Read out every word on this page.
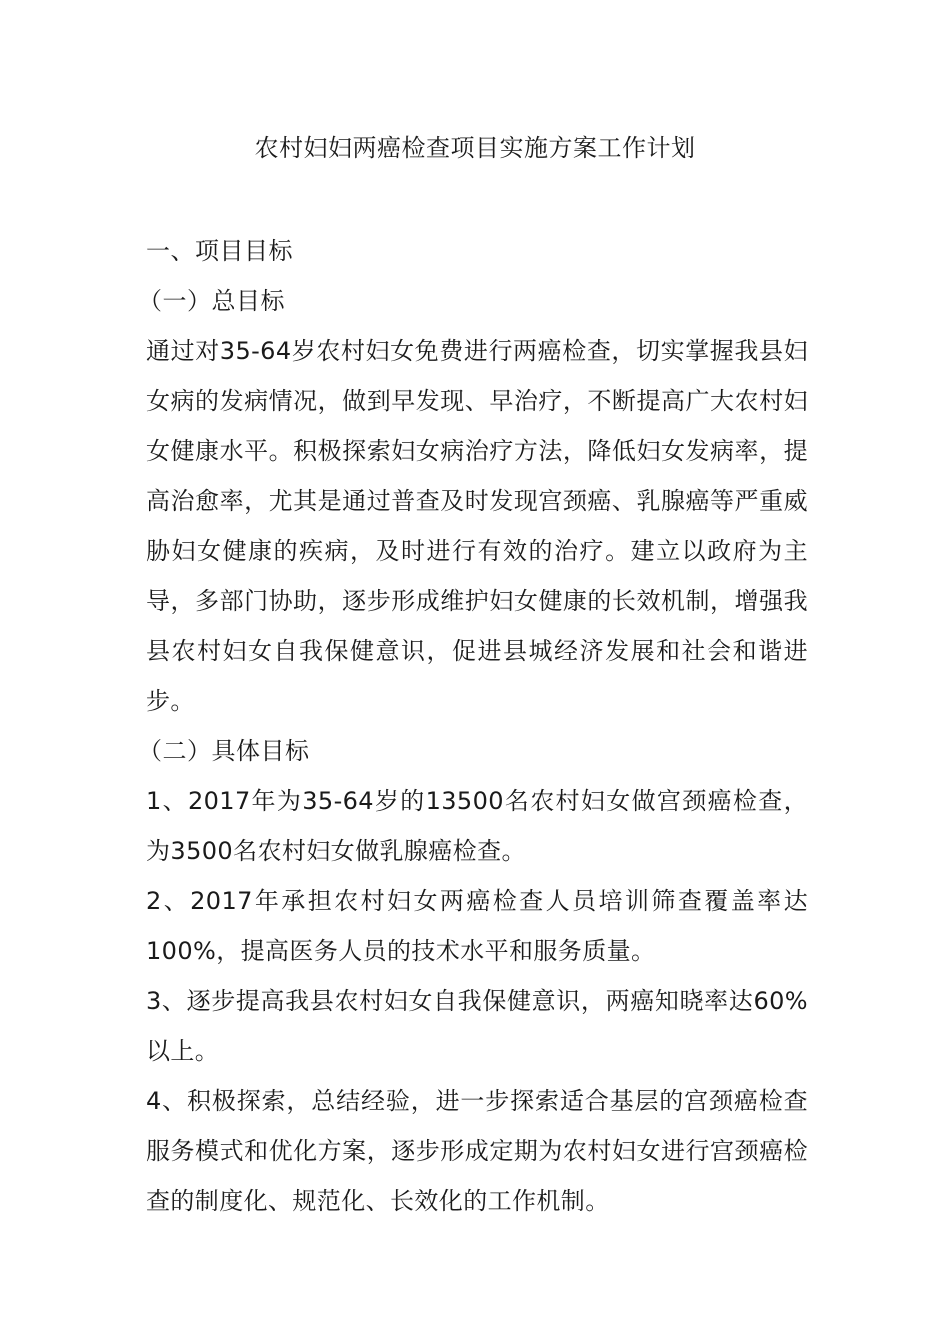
农村妇妇两癌检查项目实施方案工作计划

一、项目目标

（一）总目标

通过对35-64岁农村妇女免费进行两癌检查，切实掌握我县妇女病的发病情况，做到早发现、早治疗，不断提高广大农村妇女健康水平。积极探索妇女病治疗方法，降低妇女发病率，提高治愈率，尤其是通过普查及时发现宫颈癌、乳腺癌等严重威胁妇女健康的疾病，及时进行有效的治疗。建立以政府为主导，多部门协助，逐步形成维护妇女健康的长效机制，增强我县农村妇女自我保健意识，促进县城经济发展和社会和谐进步。

（二）具体目标

1、2017年为35-64岁的13500名农村妇女做宫颈癌检查，为3500名农村妇女做乳腺癌检查。

2、2017年承担农村妇女两癌检查人员培训筛查覆盖率达100%，提高医务人员的技术水平和服务质量。

3、逐步提高我县农村妇女自我保健意识，两癌知晓率达60%以上。

4、积极探索，总结经验，进一步探索适合基层的宫颈癌检查服务模式和优化方案，逐步形成定期为农村妇女进行宫颈癌检查的制度化、规范化、长效化的工作机制。
